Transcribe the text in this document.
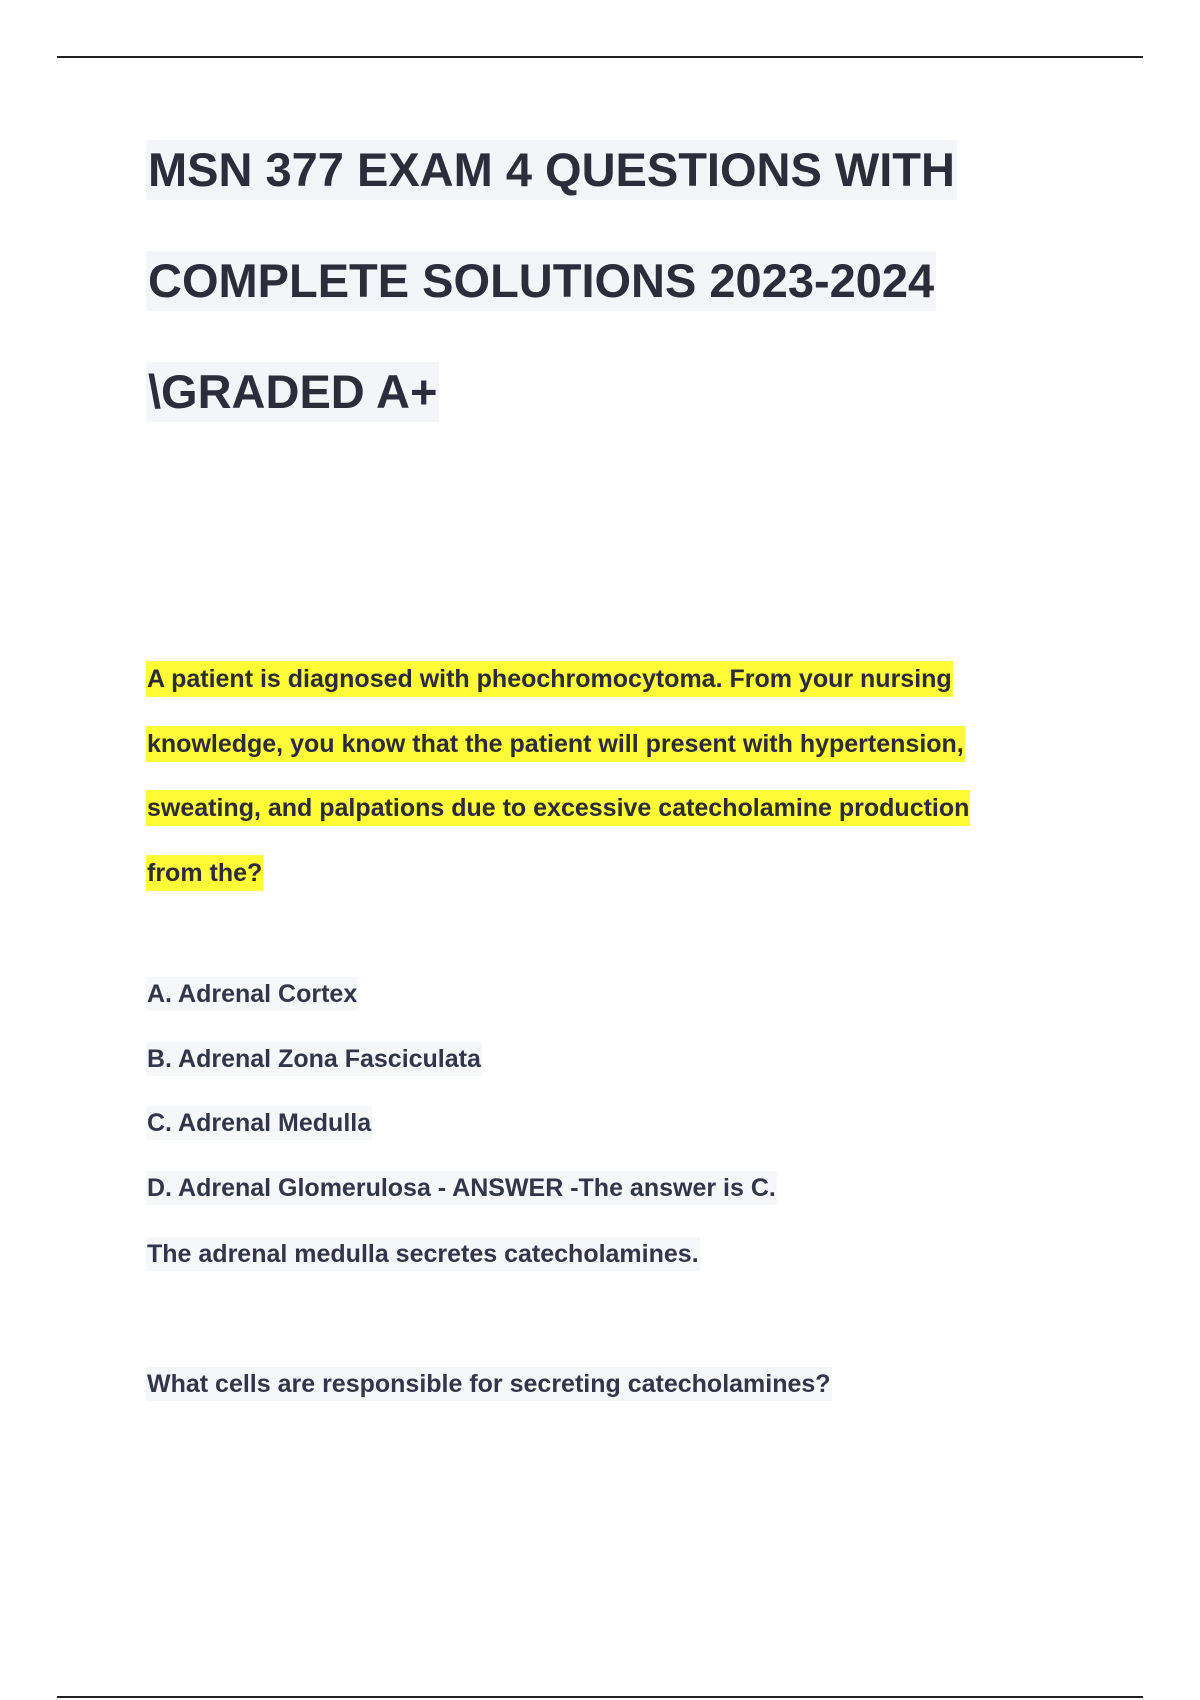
MSN 377 EXAM 4 QUESTIONS WITH
COMPLETE SOLUTIONS 2023-2024
\GRADED A+
A patient is diagnosed with pheochromocytoma. From your nursing
knowledge, you know that the patient will present with hypertension,
sweating, and palpations due to excessive catecholamine production
from the?
A. Adrenal Cortex
B. Adrenal Zona Fasciculata
C. Adrenal Medulla
D. Adrenal Glomerulosa - ANSWER -The answer is C.
The adrenal medulla secretes catecholamines.
What cells are responsible for secreting catecholamines?
